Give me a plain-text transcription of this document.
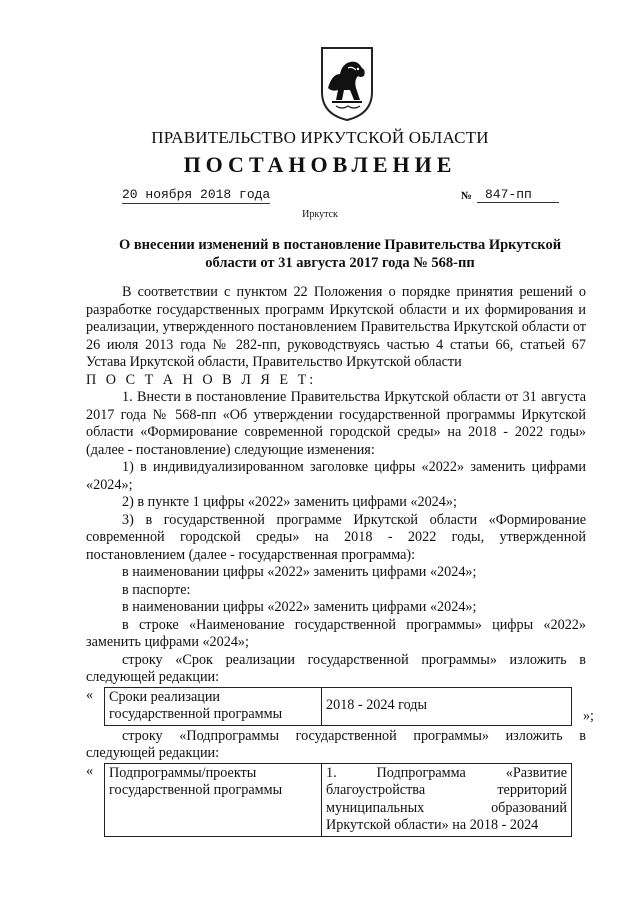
ПРАВИТЕЛЬСТВО ИРКУТСКОЙ ОБЛАСТИ
ПОСТАНОВЛЕНИЕ
20 ноября 2018 года	№ 847-пп
Иркутск
О внесении изменений в постановление Правительства Иркутской области от 31 августа 2017 года № 568-пп

В соответствии с пунктом 22 Положения о порядке принятия решений о разработке государственных программ Иркутской области и их формирования и реализации, утвержденного постановлением Правительства Иркутской области от 26 июля 2013 года № 282-пп, руководствуясь частью 4 статьи 66, статьей 67 Устава Иркутской области, Правительство Иркутской области

П О С Т А Н О В Л Я Е Т:

1. Внести в постановление Правительства Иркутской области от 31 августа 2017 года № 568-пп «Об утверждении государственной программы Иркутской области «Формирование современной городской среды» на 2018 - 2022 годы» (далее - постановление) следующие изменения:

1) в индивидуализированном заголовке цифры «2022» заменить цифрами «2024»;

2) в пункте 1 цифры «2022» заменить цифрами «2024»;

3) в государственной программе Иркутской области «Формирование современной городской среды» на 2018 - 2022 годы, утвержденной постановлением (далее - государственная программа):

в наименовании цифры «2022» заменить цифрами «2024»;

в паспорте:

в наименовании цифры «2022» заменить цифрами «2024»;

в строке «Наименование государственной программы» цифры «2022» заменить цифрами «2024»;

строку «Срок реализации государственной программы» изложить в следующей редакции:

« Сроки реализации государственной программы	2018 - 2024 годы
»;

строку «Подпрограммы государственной программы» изложить в следующей редакции:

« Подпрограммы/проекты государственной программы	1. Подпрограмма «Развитие благоустройства территорий муниципальных образований Иркутской области» на 2018 - 2024
